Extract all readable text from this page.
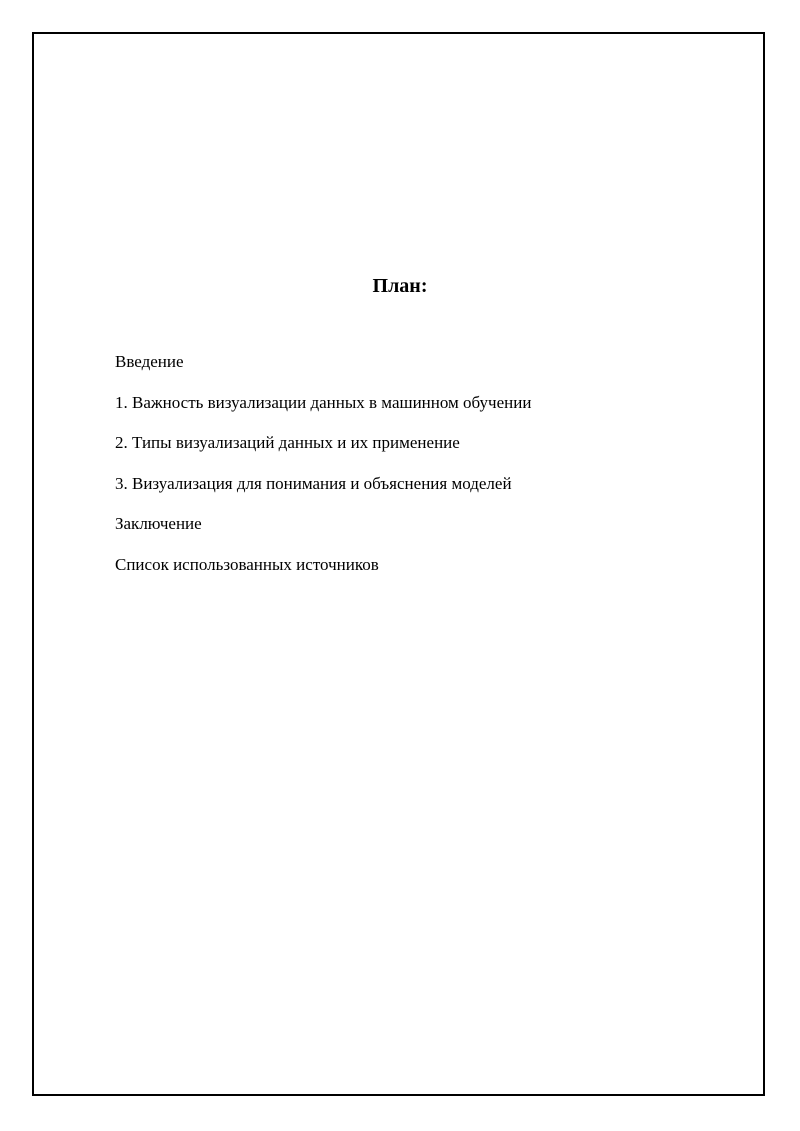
План:
Введение
1. Важность визуализации данных в машинном обучении
2. Типы визуализаций данных и их применение
3. Визуализация для понимания и объяснения моделей
Заключение
Список использованных источников
